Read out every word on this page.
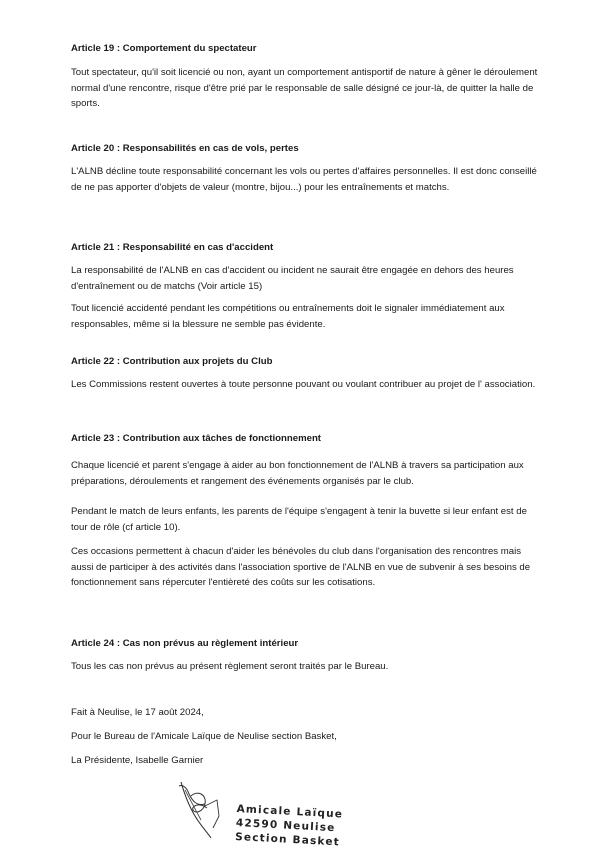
Article 19 : Comportement du spectateur

Tout spectateur, qu'il soit licencié ou non, ayant un comportement antisportif de nature à gêner le déroulement normal d'une rencontre, risque d'être prié par le responsable de salle désigné ce jour-là, de quitter la halle de sports.

Article 20 : Responsabilités en cas de vols, pertes

L'ALNB décline toute responsabilité concernant les vols ou pertes d'affaires personnelles. Il est donc conseillé de ne pas apporter d'objets de valeur (montre, bijou...) pour les entraînements et matchs.

Article 21 : Responsabilité en cas d'accident

La responsabilité de l'ALNB en cas d'accident ou incident ne saurait être engagée en dehors des heures d'entraînement ou de matchs (Voir article 15)

Tout licencié accidenté pendant les compétitions ou entraînements doit le signaler immédiatement aux responsables, même si la blessure ne semble pas évidente.

Article 22 : Contribution aux projets du Club

Les Commissions restent ouvertes à toute personne pouvant ou voulant contribuer au projet de l' association.

Article 23 : Contribution aux tâches de fonctionnement

Chaque licencié et parent s'engage à aider au bon fonctionnement de l'ALNB à travers sa participation aux préparations, déroulements et rangement des événements organisés par le club.

Pendant le match de leurs enfants, les parents de l'équipe s'engagent à tenir la buvette si leur enfant est de tour de rôle (cf article 10).

Ces occasions permettent à chacun d'aider les bénévoles du club dans l'organisation des rencontres mais aussi de participer à des activités dans l'association sportive de l'ALNB en vue de subvenir à ses besoins de fonctionnement sans répercuter l'entièreté des coûts sur les cotisations.

Article 24 : Cas non prévus au règlement intérieur

Tous les cas non prévus au présent règlement seront traités par le Bureau.

Fait à Neulise, le 17 août 2024,

Pour le Bureau de l'Amicale Laïque de Neulise section Basket,

La Présidente, Isabelle Garnier

Amicale Laïque
42590 Neulise
Section Basket
